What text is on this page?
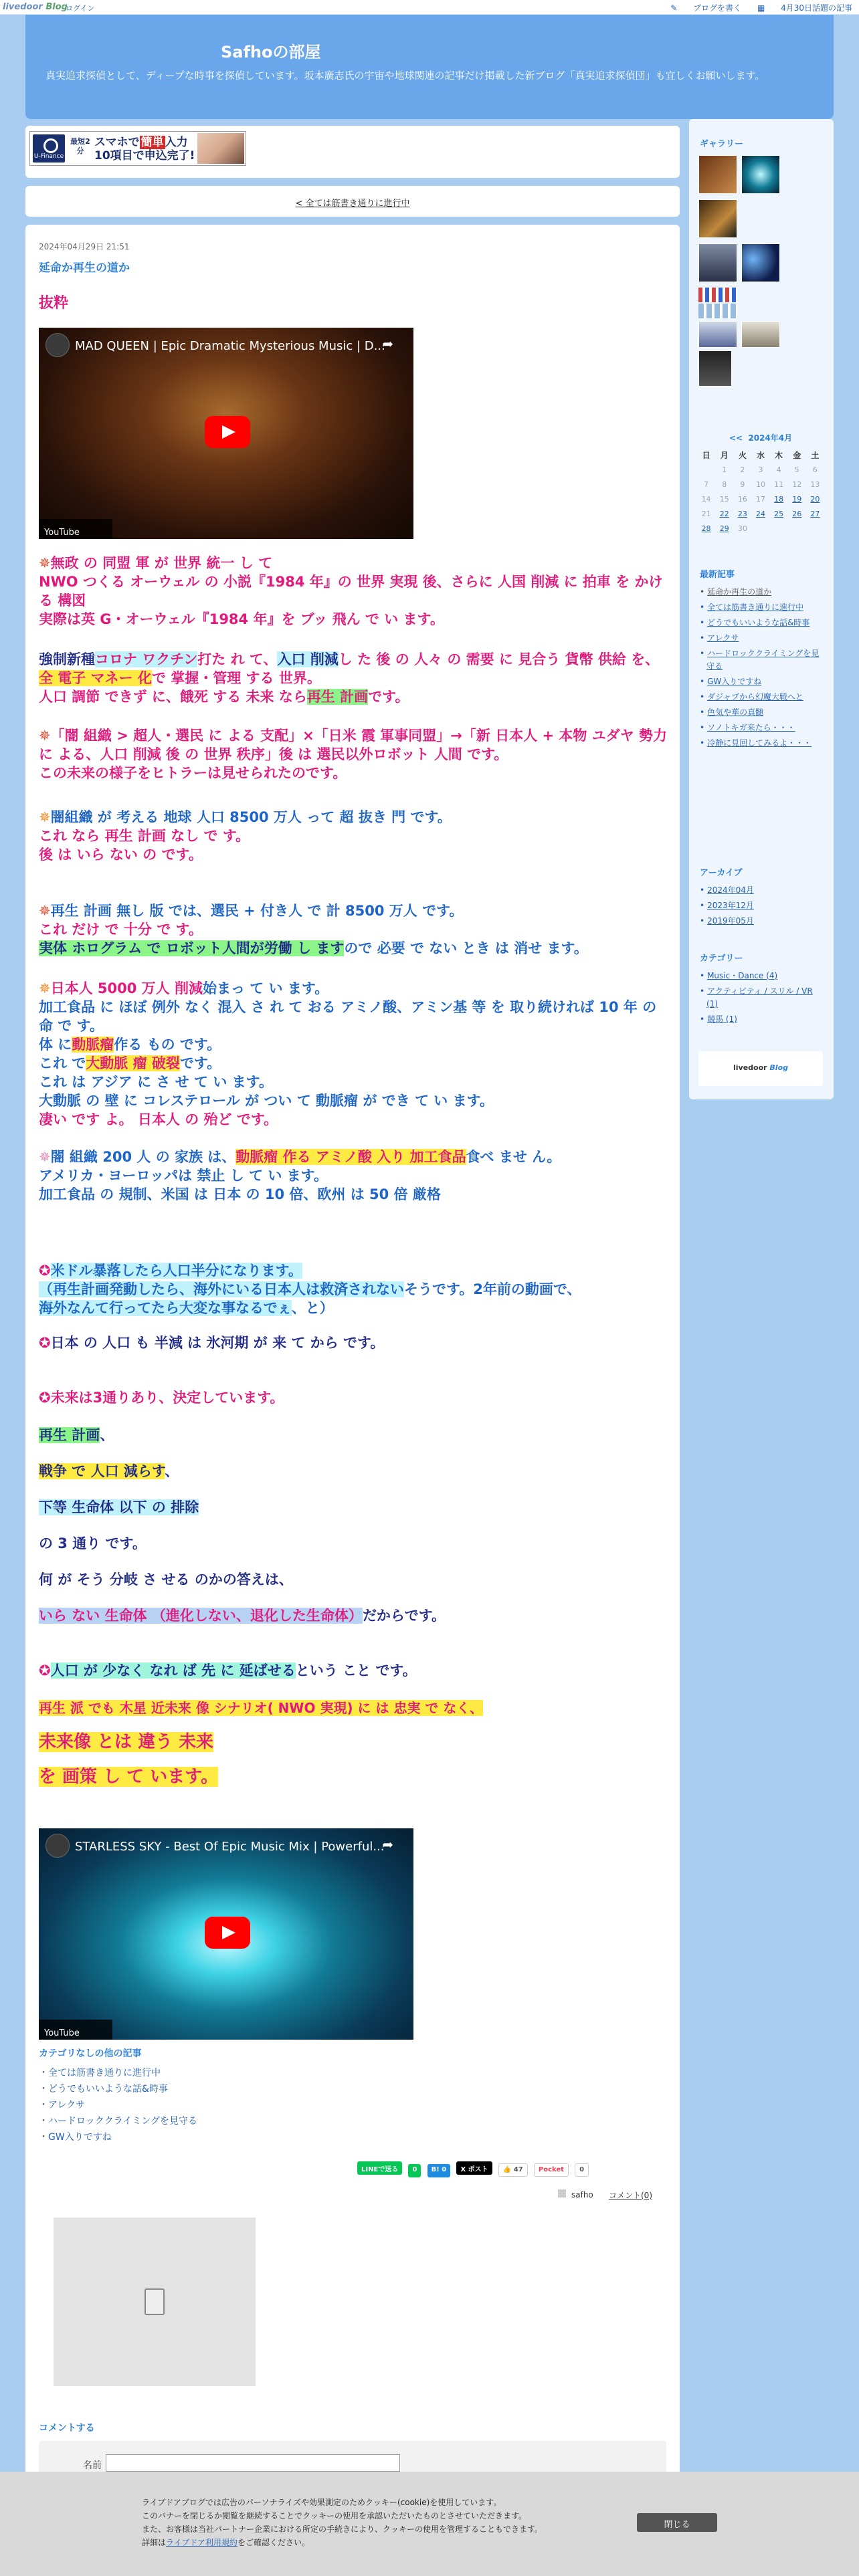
livedoor Blog
ログイン	✎ ブログを書く ▦ 4月30日話題の記事
Safhoの部屋

真実追求探偵として、ディープな時事を探偵しています。坂本廣志氏の宇宙や地球関連の記事だけ掲載した新ブログ「真実追求探偵団」も宜しくお願いします。

U-Finance
最短2分
スマホで 簡単 入力
10項目で申込完了!
< 全ては筋書き通りに進行中
2024年04月29日 21:51
延命か再生の道か
抜粋
MAD QUEEN | Epic Dramatic Mysterious Music | D...
➦
YouTube
✵無政 の 同盟 軍 が 世界 統一 し て
NWO つくる オーウェル の 小説『1984 年』の 世界 実現 後、さらに 人国 削減 に 拍車 を かける 構図
実際は英 G・オーウェル『1984 年』を ブッ 飛ん で い ます。
強制新種コロナ ワクチン打た れ て、入口 削減し た 後 の 人々 の 需要 に 見合う 貨幣 供給 を、全 電子 マネー 化で 掌握・管理 する 世界。
人口 調節 できず に、餓死 する 未来 なら再生 計画です。
✵「闇 組織 > 超人・選民 に よる 支配」×「日米 霞 軍事同盟」→「新 日本人 + 本物 ユダヤ 勢力 に よる、人口 削減 後 の 世界 秩序」後 は 選民以外ロボット 人間 です。
この未来の様子をヒトラーは見せられたのです。
✵闇組織 が 考える 地球 人口 8500 万人 って 超 抜き 門 です。
これ なら 再生 計画 なし で す。
後 は いら ない の です。
✵再生 計画 無し 版 では、選民 + 付き人 で 計 8500 万人 です。
これ だけ で 十分 で す。
実体 ホログラム で ロボット人間が労働 し ますので 必要 で ない とき は 消せ ます。
✵日本人 5000 万人 削減始まっ て い ます。
加工食品 に ほぼ 例外 なく 混入 さ れ て おる アミノ酸、アミン基 等 を 取り続ければ 10 年 の 命 で す。
体 に動脈瘤作る もの です。
これ で大動脈 瘤 破裂です。
これ は アジア に さ せ て い ます。
大動脈 の 壁 に コレステロール が つい て 動脈瘤 が でき て い ます。
凄い です よ。 日本人 の 殆ど です。
✵闇 組織 200 人 の 家族 は、動脈瘤 作る アミノ酸 入り 加工食品食べ ませ ん。
アメリカ・ヨーロッパは 禁止 し て い ます。
加工食品 の 規制、米国 は 日本 の 10 倍、欧州 は 50 倍 厳格
✪米ドル暴落したら人口半分になります。
（再生計画発動したら、海外にいる日本人は救済されないそうです。2年前の動画で、
海外なんて行ってたら大変な事なるでぇ、と）
✪日本 の 人口 も 半減 は 氷河期 が 来 て から です。
✪未来は3通りあり、決定しています。
再生 計画、
戦争 で 人口 減らす、
下等 生命体 以下 の 排除
の 3 通り です。
何 が そう 分岐 さ せる のかの答えは、
いら ない 生命体 （進化しない、退化した生命体）だからです。
✪人口 が 少なく なれ ば 先 に 延ばせるという こと です。
再生 派 でも 木星 近未来 像 シナリオ( NWO 実現) に は 忠実 で なく、
未来像 とは 違う 未来
を 画策 し て います。
STARLESS SKY - Best Of Epic Music Mix | Powerful...
➦
YouTube
カテゴリなしの他の記事
・ 全ては筋書き通りに進行中
・ どうでもいいような話&時事
・ アレクサ
・ ハードロッククライミングを見守る
・ GW入りですね
LINEで送る 0 B! 0 X ポスト 👍 47 Pocket 0
safho コメント(0)
コメントする
名前
ギャラリー
<< 2024年4月
日	月	火	水	木	金	土
	1	2	3	4	5	6
7	8	9	10	11	12	13
14	15	16	17	18	19	20
21	22	23	24	25	26	27
28	29	30				
最新記事
• 延命か再生の道か
• 全ては筋書き通りに進行中
• どうでもいいような話&時事
• アレクサ
• ハードロッククライミングを見守る
• GW入りですね
• ダジャブから幻魔大戦へと
• 色気や華の真髄
• ソノトキガ来たら・・・
• 冷静に見回してみるよ・・・
アーカイブ
• 2024年04月
• 2023年12月
• 2019年05月
カテゴリー
• Music・Dance (4)
• アクティビティ / スリル / VR (1)
• 競馬 (1)
livedoor Blog
ライブドアブログでは広告のパーソナライズや効果測定のためクッキー(cookie)を使用しています。
このバナーを閉じるか閲覧を継続することでクッキーの使用を承認いただいたものとさせていただきます。
また、お客様は当社パートナー企業における所定の手続きにより、クッキーの使用を管理することもできます。
詳細はライブドア利用規約をご確認ください。
閉じる
